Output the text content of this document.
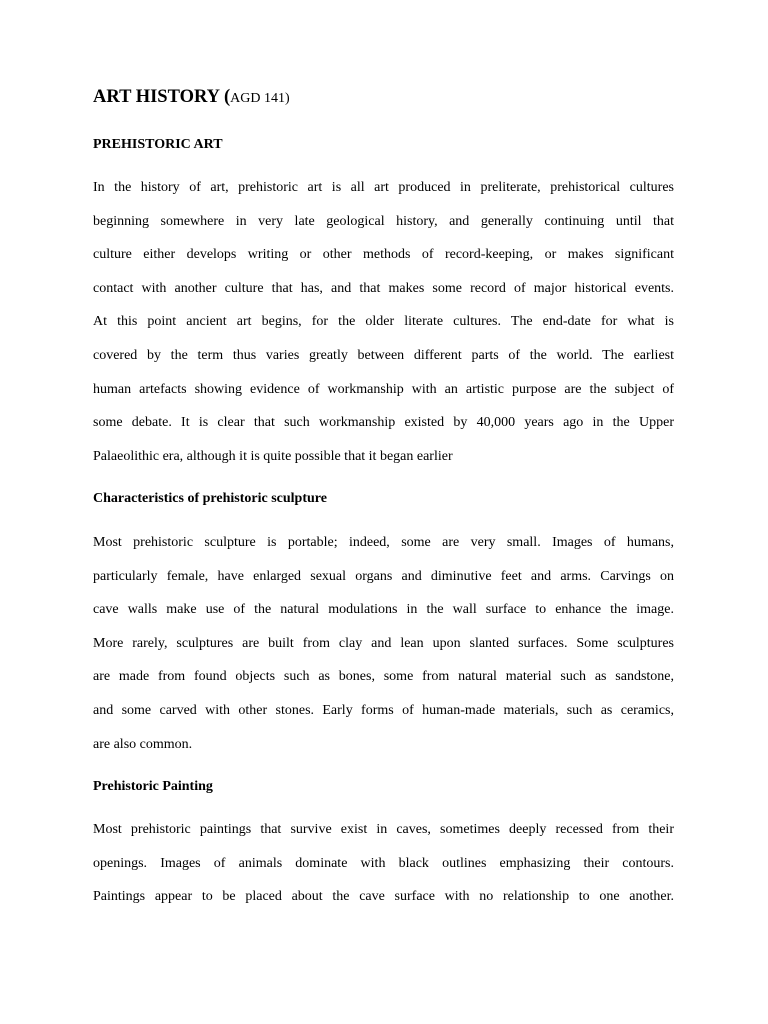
ART HISTORY (AGD 141)
PREHISTORIC ART
In the history of art, prehistoric art is all art produced in preliterate, prehistorical cultures
beginning somewhere in very late geological history, and generally continuing until that
culture either develops writing or other methods of record-keeping, or makes significant
contact with another culture that has, and that makes some record of major historical events.
At this point ancient art begins, for the older literate cultures. The end-date for what is
covered by the term thus varies greatly between different parts of the world. The earliest
human artefacts showing evidence of workmanship with an artistic purpose are the subject of
some debate. It is clear that such workmanship existed by 40,000 years ago in the Upper
Palaeolithic era, although it is quite possible that it began earlier
Characteristics of prehistoric sculpture
Most prehistoric sculpture is portable; indeed, some are very small. Images of humans,
particularly female, have enlarged sexual organs and diminutive feet and arms. Carvings on
cave walls make use of the natural modulations in the wall surface to enhance the image.
More rarely, sculptures are built from clay and lean upon slanted surfaces. Some sculptures
are made from found objects such as bones, some from natural material such as sandstone,
and some carved with other stones. Early forms of human-made materials, such as ceramics,
are also common.
Prehistoric Painting
Most prehistoric paintings that survive exist in caves, sometimes deeply recessed from their
openings. Images of animals dominate with black outlines emphasizing their contours.
Paintings appear to be placed about the cave surface with no relationship to one another.
